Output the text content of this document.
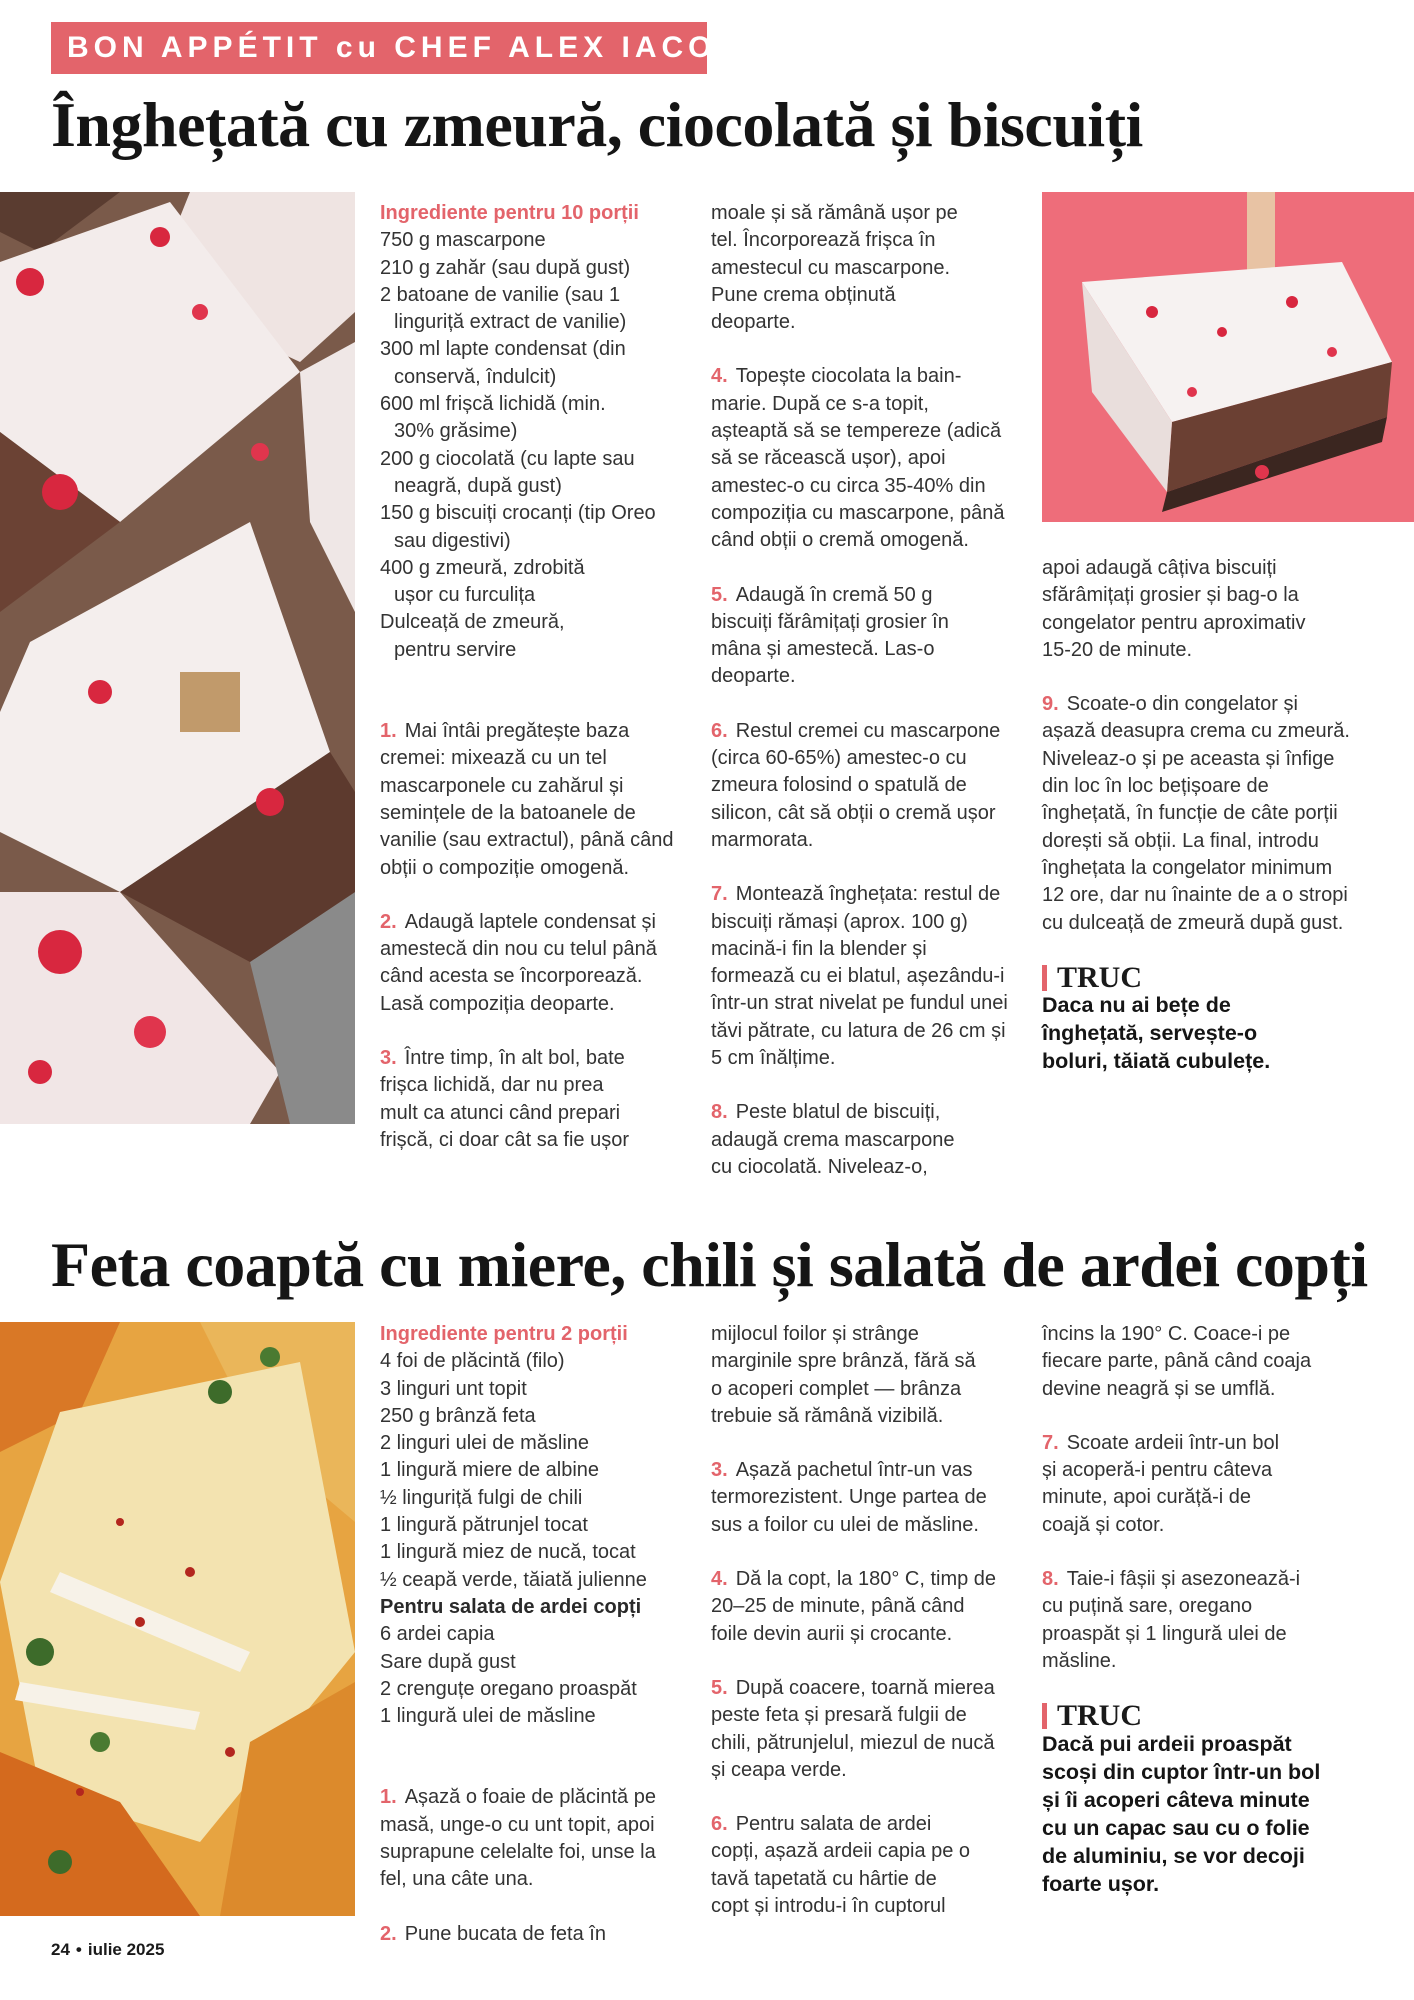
BON APPÉTIT cu CHEF ALEX IACOB
Înghețată cu zmeură, ciocolată și biscuiți

Ingrediente pentru 10 porții

750 g mascarpone

210 g zahăr (sau după gust)

2 batoane de vanilie (sau 1 linguriță extract de vanilie)

300 ml lapte condensat (din conservă, îndulcit)

600 ml frișcă lichidă (min. 30% grăsime)

200 g ciocolată (cu lapte sau neagră, după gust)

150 g biscuiți crocanți (tip Oreo sau digestivi)

400 g zmeură, zdrobită ușor cu furculița

Dulceață de zmeură, pentru servire

1. Mai întâi pregătește baza cremei: mixează cu un tel mascarponele cu zahărul și semințele de la batoanele de vanilie (sau extractul), până când obții o compoziție omogenă.

2. Adaugă laptele condensat și amestecă din nou cu telul până când acesta se încorporează. Lasă compoziția deoparte.

3. Între timp, în alt bol, bate frișca lichidă, dar nu prea mult ca atunci când prepari frișcă, ci doar cât sa fie ușor

moale și să rămână ușor pe tel. Încorporează frișca în amestecul cu mascarpone. Pune crema obținută deoparte.

4. Topește ciocolata la bain-marie. După ce s-a topit, așteaptă să se tempereze (adică să se răcească ușor), apoi amestec-o cu circa 35-40% din compoziția cu mascarpone, până când obții o cremă omogenă.

5. Adaugă în cremă 50 g biscuiți fărâmițați grosier în mâna și amestecă. Las-o deoparte.

6. Restul cremei cu mascarpone (circa 60-65%) amestec-o cu zmeura folosind o spatulă de silicon, cât să obții o cremă ușor marmorata.

7. Montează înghețata: restul de biscuiți rămași (aprox. 100 g) macină-i fin la blender și formează cu ei blatul, așezându-i într-un strat nivelat pe fundul unei tăvi pătrate, cu latura de 26 cm și 5 cm înălțime.

8. Peste blatul de biscuiți, adaugă crema mascarpone cu ciocolată. Niveleaz-o,

apoi adaugă câțiva biscuiți sfărâmițați grosier și bag-o la congelator pentru aproximativ 15-20 de minute.

9. Scoate-o din congelator și așază deasupra crema cu zmeură. Niveleaz-o și pe aceasta și înfige din loc în loc bețișoare de înghețată, în funcție de câte porții dorești să obții. La final, introdu înghețata la congelator minimum 12 ore, dar nu înainte de a o stropi cu dulceață de zmeură după gust.

TRUC

Daca nu ai bețe de înghețată, servește-o boluri, tăiată cubulețe.

Feta coaptă cu miere, chili și salată de ardei copți

Ingrediente pentru 2 porții

4 foi de plăcintă (filo)

3 linguri unt topit

250 g brânză feta

2 linguri ulei de măsline

1 lingură miere de albine

½ linguriță fulgi de chili

1 lingură pătrunjel tocat

1 lingură miez de nucă, tocat

½ ceapă verde, tăiată julienne

Pentru salata de ardei copți

6 ardei capia

Sare după gust

2 crenguțe oregano proaspăt

1 lingură ulei de măsline

1. Așază o foaie de plăcintă pe masă, unge-o cu unt topit, apoi suprapune celelalte foi, unse la fel, una câte una.

2. Pune bucata de feta în

mijlocul foilor și strânge marginile spre brânză, fără să o acoperi complet — brânza trebuie să rămână vizibilă.

3. Așază pachetul într-un vas termorezistent. Unge partea de sus a foilor cu ulei de măsline.

4. Dă la copt, la 180° C, timp de 20–25 de minute, până când foile devin aurii și crocante.

5. După coacere, toarnă mierea peste feta și presară fulgii de chili, pătrunjelul, miezul de nucă și ceapa verde.

6. Pentru salata de ardei copți, așază ardeii capia pe o tavă tapetată cu hârtie de copt și introdu-i în cuptorul

încins la 190° C. Coace-i pe fiecare parte, până când coaja devine neagră și se umflă.

7. Scoate ardeii într-un bol și acoperă-i pentru câteva minute, apoi curăță-i de coajă și cotor.

8. Taie-i fâșii și asezonează-i cu puțină sare, oregano proaspăt și 1 lingură ulei de măsline.

TRUC

Dacă pui ardeii proaspăt scoși din cuptor într-un bol și îi acoperi câteva minute cu un capac sau cu o folie de aluminiu, se vor decoji foarte ușor.

24 • iulie 2025
